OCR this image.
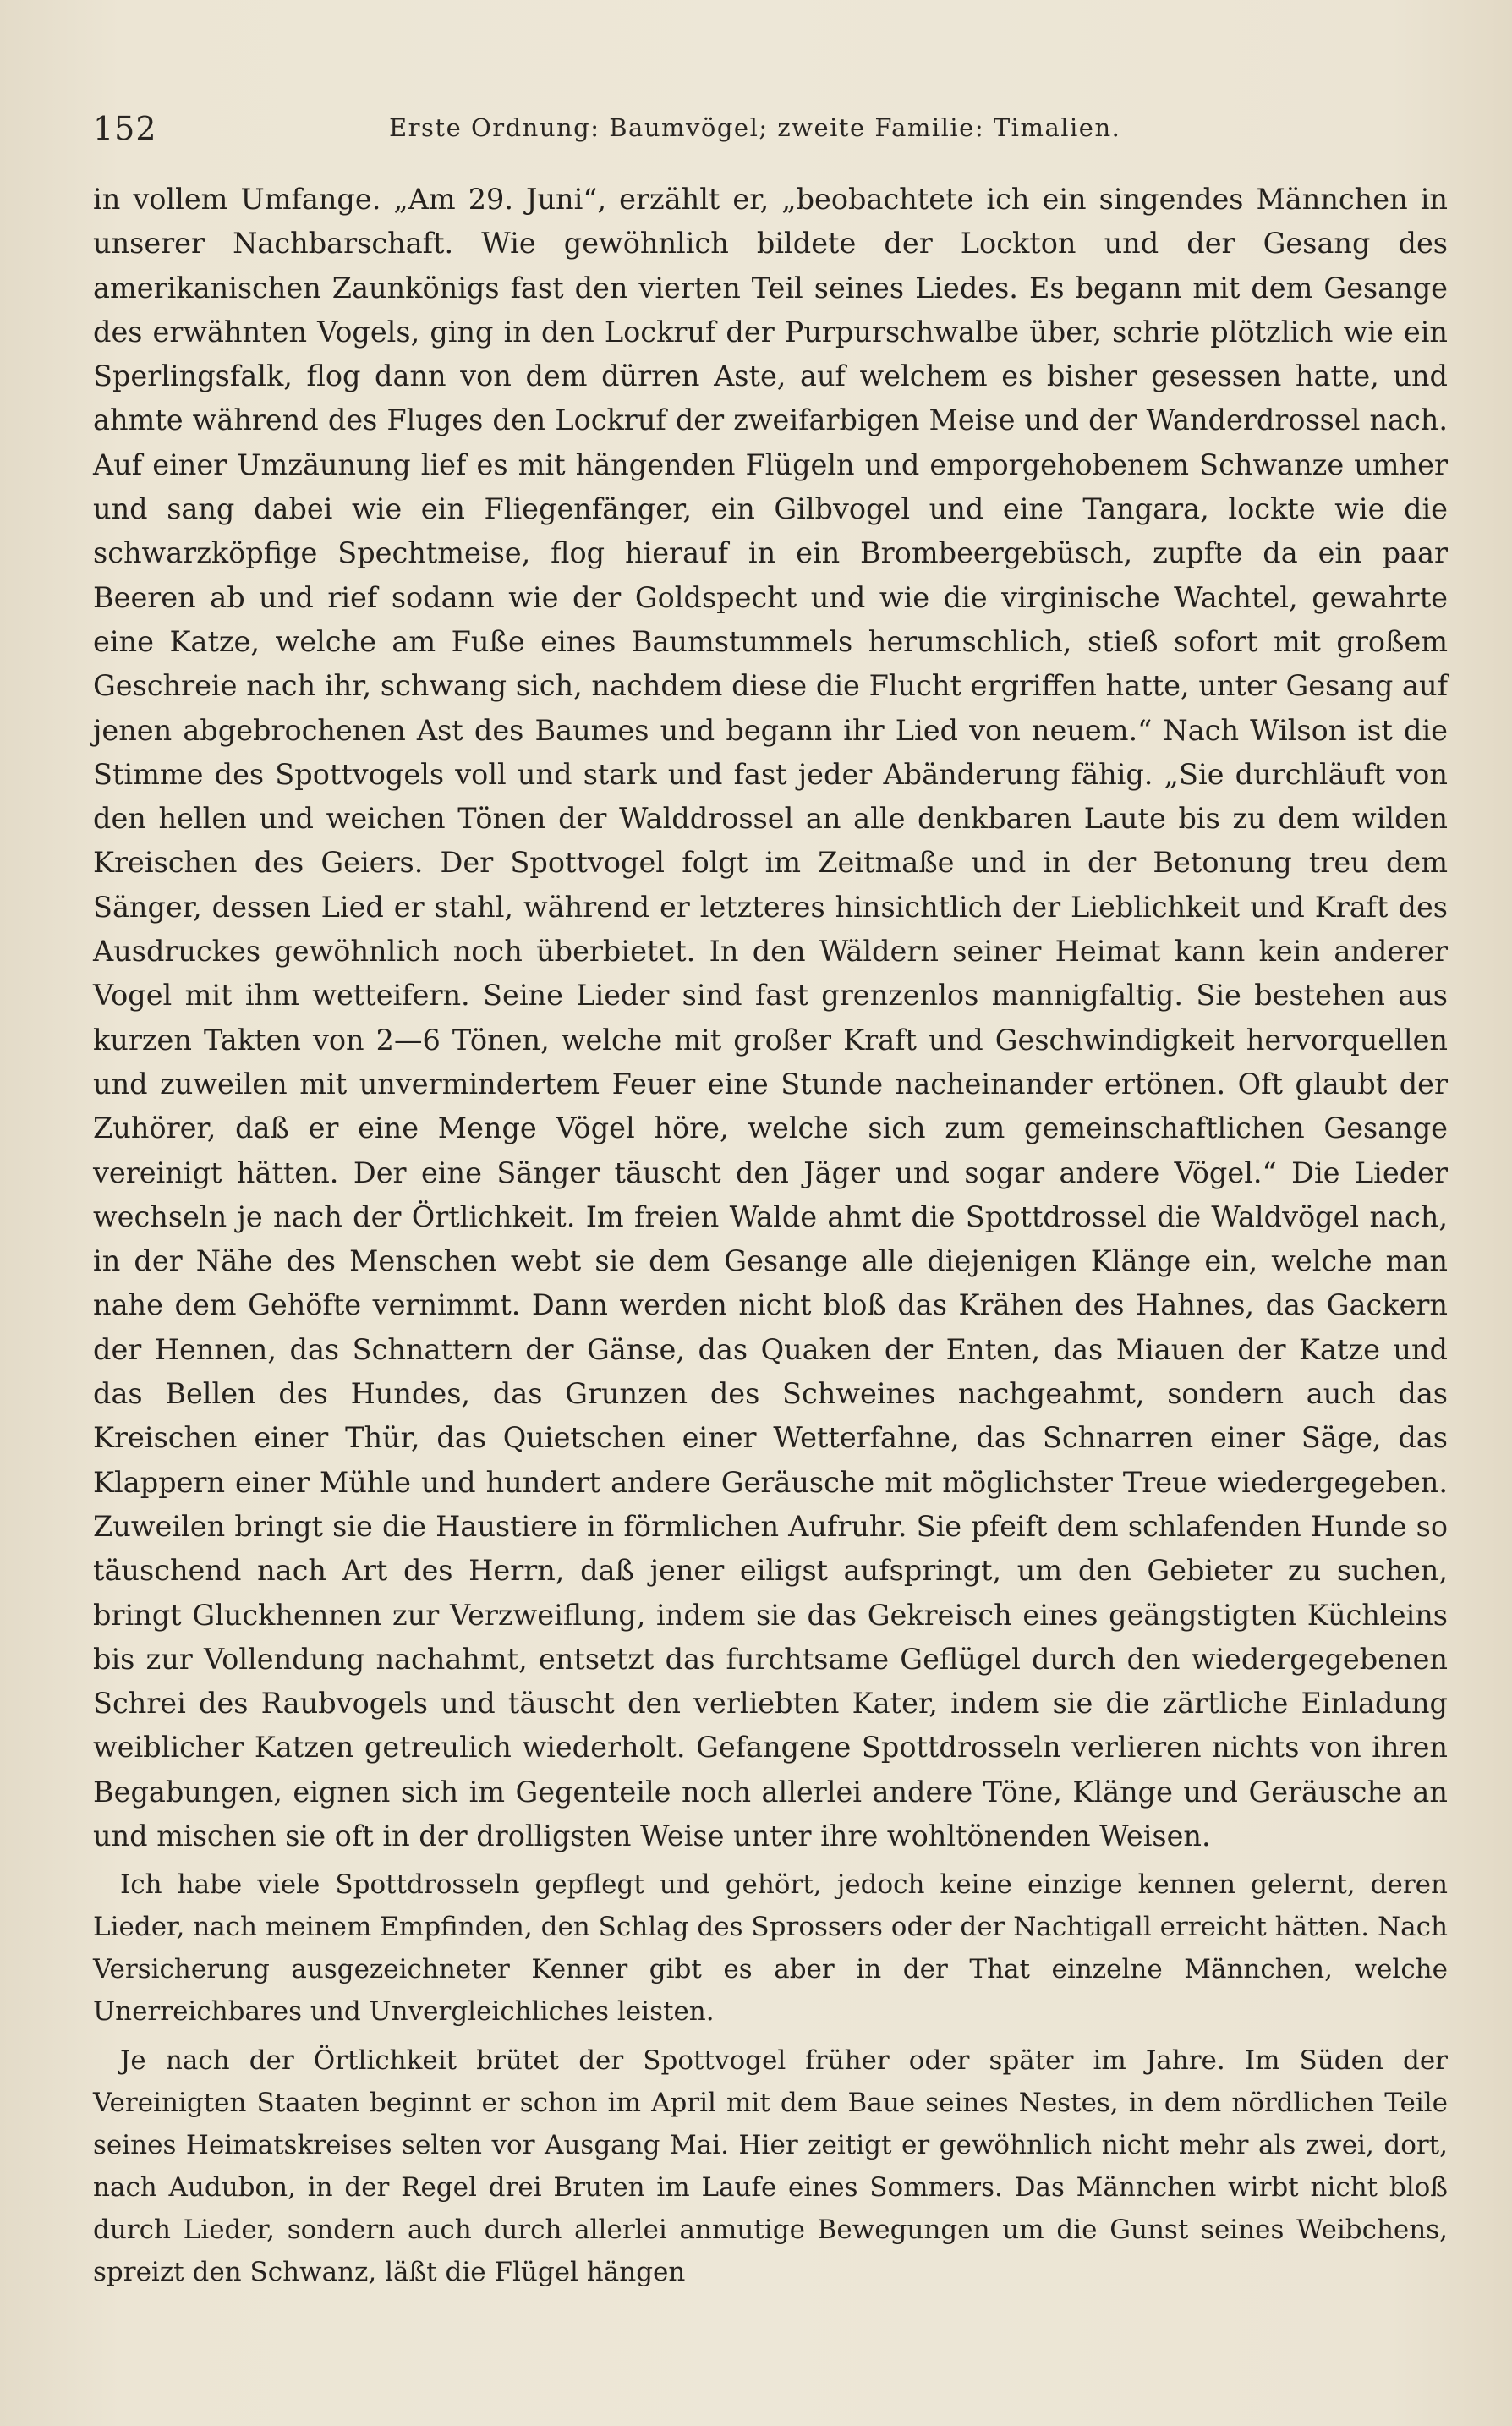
152	Erste Ordnung: Baumvögel; zweite Familie: Timalien.

in vollem Umfange. „Am 29. Juni“, erzählt er, „beobachtete ich ein singendes Männchen in unserer Nachbarschaft. Wie gewöhnlich bildete der Lockton und der Gesang des amerikanischen Zaunkönigs fast den vierten Teil seines Liedes. Es begann mit dem Gesange des erwähnten Vogels, ging in den Lockruf der Purpurschwalbe über, schrie plötzlich wie ein Sperlingsfalk, flog dann von dem dürren Aste, auf welchem es bisher gesessen hatte, und ahmte während des Fluges den Lockruf der zweifarbigen Meise und der Wanderdrossel nach. Auf einer Umzäunung lief es mit hängenden Flügeln und emporgehobenem Schwanze umher und sang dabei wie ein Fliegenfänger, ein Gilbvogel und eine Tangara, lockte wie die schwarzköpfige Spechtmeise, flog hierauf in ein Brombeergebüsch, zupfte da ein paar Beeren ab und rief sodann wie der Goldspecht und wie die virginische Wachtel, gewahrte eine Katze, welche am Fuße eines Baumstummels herumschlich, stieß sofort mit großem Geschreie nach ihr, schwang sich, nachdem diese die Flucht ergriffen hatte, unter Gesang auf jenen abgebrochenen Ast des Baumes und begann ihr Lied von neuem.“ Nach Wilson ist die Stimme des Spottvogels voll und stark und fast jeder Abänderung fähig. „Sie durchläuft von den hellen und weichen Tönen der Walddrossel an alle denkbaren Laute bis zu dem wilden Kreischen des Geiers. Der Spottvogel folgt im Zeitmaße und in der Betonung treu dem Sänger, dessen Lied er stahl, während er letzteres hinsichtlich der Lieblichkeit und Kraft des Ausdruckes gewöhnlich noch überbietet. In den Wäldern seiner Heimat kann kein anderer Vogel mit ihm wetteifern. Seine Lieder sind fast grenzenlos mannigfaltig. Sie bestehen aus kurzen Takten von 2—6 Tönen, welche mit großer Kraft und Geschwindigkeit hervorquellen und zuweilen mit unvermindertem Feuer eine Stunde nacheinander ertönen. Oft glaubt der Zuhörer, daß er eine Menge Vögel höre, welche sich zum gemeinschaftlichen Gesange vereinigt hätten. Der eine Sänger täuscht den Jäger und sogar andere Vögel.“ Die Lieder wechseln je nach der Örtlichkeit. Im freien Walde ahmt die Spottdrossel die Waldvögel nach, in der Nähe des Menschen webt sie dem Gesange alle diejenigen Klänge ein, welche man nahe dem Gehöfte vernimmt. Dann werden nicht bloß das Krähen des Hahnes, das Gackern der Hennen, das Schnattern der Gänse, das Quaken der Enten, das Miauen der Katze und das Bellen des Hundes, das Grunzen des Schweines nachgeahmt, sondern auch das Kreischen einer Thür, das Quietschen einer Wetterfahne, das Schnarren einer Säge, das Klappern einer Mühle und hundert andere Geräusche mit möglichster Treue wiedergegeben. Zuweilen bringt sie die Haustiere in förmlichen Aufruhr. Sie pfeift dem schlafenden Hunde so täuschend nach Art des Herrn, daß jener eiligst aufspringt, um den Gebieter zu suchen, bringt Gluckhennen zur Verzweiflung, indem sie das Gekreisch eines geängstigten Küchleins bis zur Vollendung nachahmt, entsetzt das furchtsame Geflügel durch den wiedergegebenen Schrei des Raubvogels und täuscht den verliebten Kater, indem sie die zärtliche Einladung weiblicher Katzen getreulich wiederholt. Gefangene Spottdrosseln verlieren nichts von ihren Begabungen, eignen sich im Gegenteile noch allerlei andere Töne, Klänge und Geräusche an und mischen sie oft in der drolligsten Weise unter ihre wohltönenden Weisen.

Ich habe viele Spottdrosseln gepflegt und gehört, jedoch keine einzige kennen gelernt, deren Lieder, nach meinem Empfinden, den Schlag des Sprossers oder der Nachtigall erreicht hätten. Nach Versicherung ausgezeichneter Kenner gibt es aber in der That einzelne Männchen, welche Unerreichbares und Unvergleichliches leisten.

Je nach der Örtlichkeit brütet der Spottvogel früher oder später im Jahre. Im Süden der Vereinigten Staaten beginnt er schon im April mit dem Baue seines Nestes, in dem nördlichen Teile seines Heimatskreises selten vor Ausgang Mai. Hier zeitigt er gewöhnlich nicht mehr als zwei, dort, nach Audubon, in der Regel drei Bruten im Laufe eines Sommers. Das Männchen wirbt nicht bloß durch Lieder, sondern auch durch allerlei anmutige Bewegungen um die Gunst seines Weibchens, spreizt den Schwanz, läßt die Flügel hängen
